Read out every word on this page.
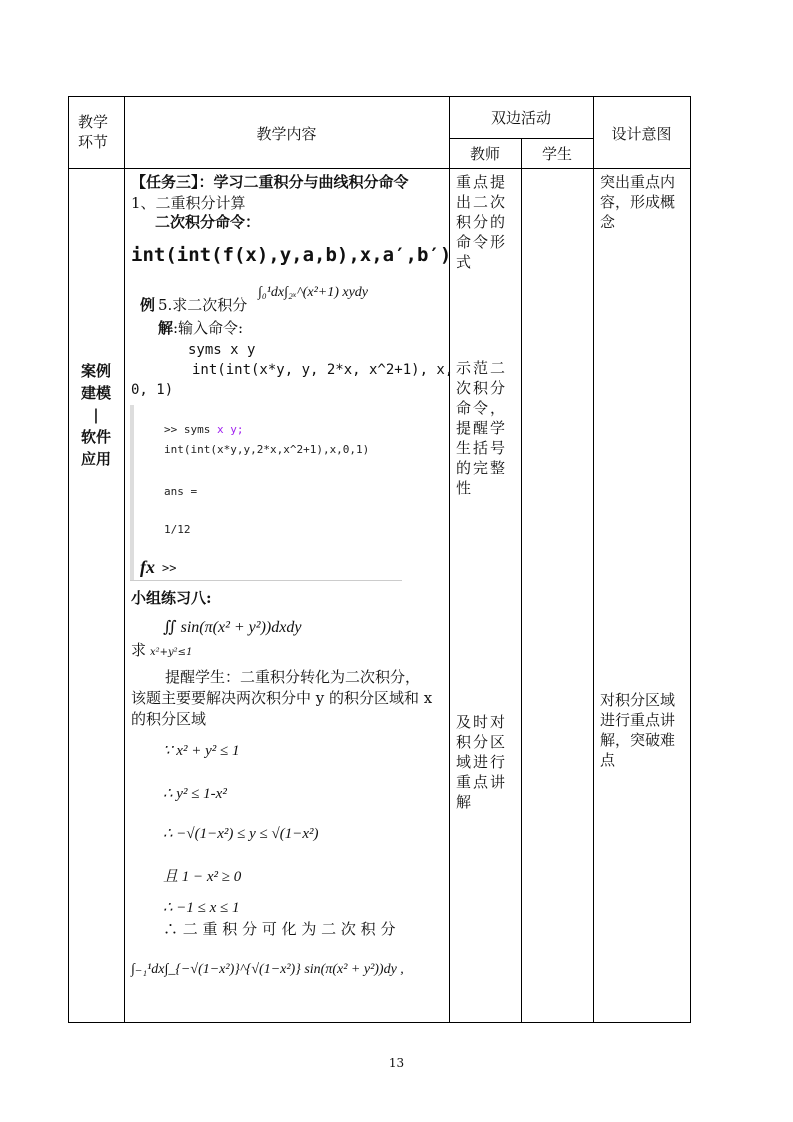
教学
环节	教学内容
双边活动
教师	学生
设计意图
案例
建模
|
软件
应用
【任务三】：学习二重积分与曲线积分命令
1、二重积分计算
二次积分命令：
int(int(f(x),y,a,b),x,a′,b′)
例 5.求二次积分
∫₀¹dx∫₂ₓ^(x²+1) xydy
解 :输入命令:
syms x y
int(int(x*y, y, 2*x, x^2+1), x,
0, 1)
>> syms x y;
int(int(x*y,y,2*x,x^2+1),x,0,1)
ans =
1/12
fx >>
小组练习八:
∬ sin(π(x² + y²))dxdy
x²+y²≤1
求
提醒学生：二重积分转化为二次积分，
该题主要要解决两次积分中 y 的积分区域和 x
的积分区域
∵ x² + y² ≤ 1
∴ y² ≤ 1-x²
∴ −√(1−x²) ≤ y ≤ √(1−x²)
且 1 − x² ≥ 0
∴ −1 ≤ x ≤ 1
∴ 二 重 积 分 可 化 为 二 次 积 分
∫₋₁¹dx∫_{−√(1−x²)}^{√(1−x²)} sin(π(x² + y²))dy ,
重点提出二次积分的命令形式
示范二次积分命令，提醒学生括号的完整性
及时对积分区域进行重点讲解
突出重点内容，形成概念
对积分区域进行重点讲解，突破难点
13
